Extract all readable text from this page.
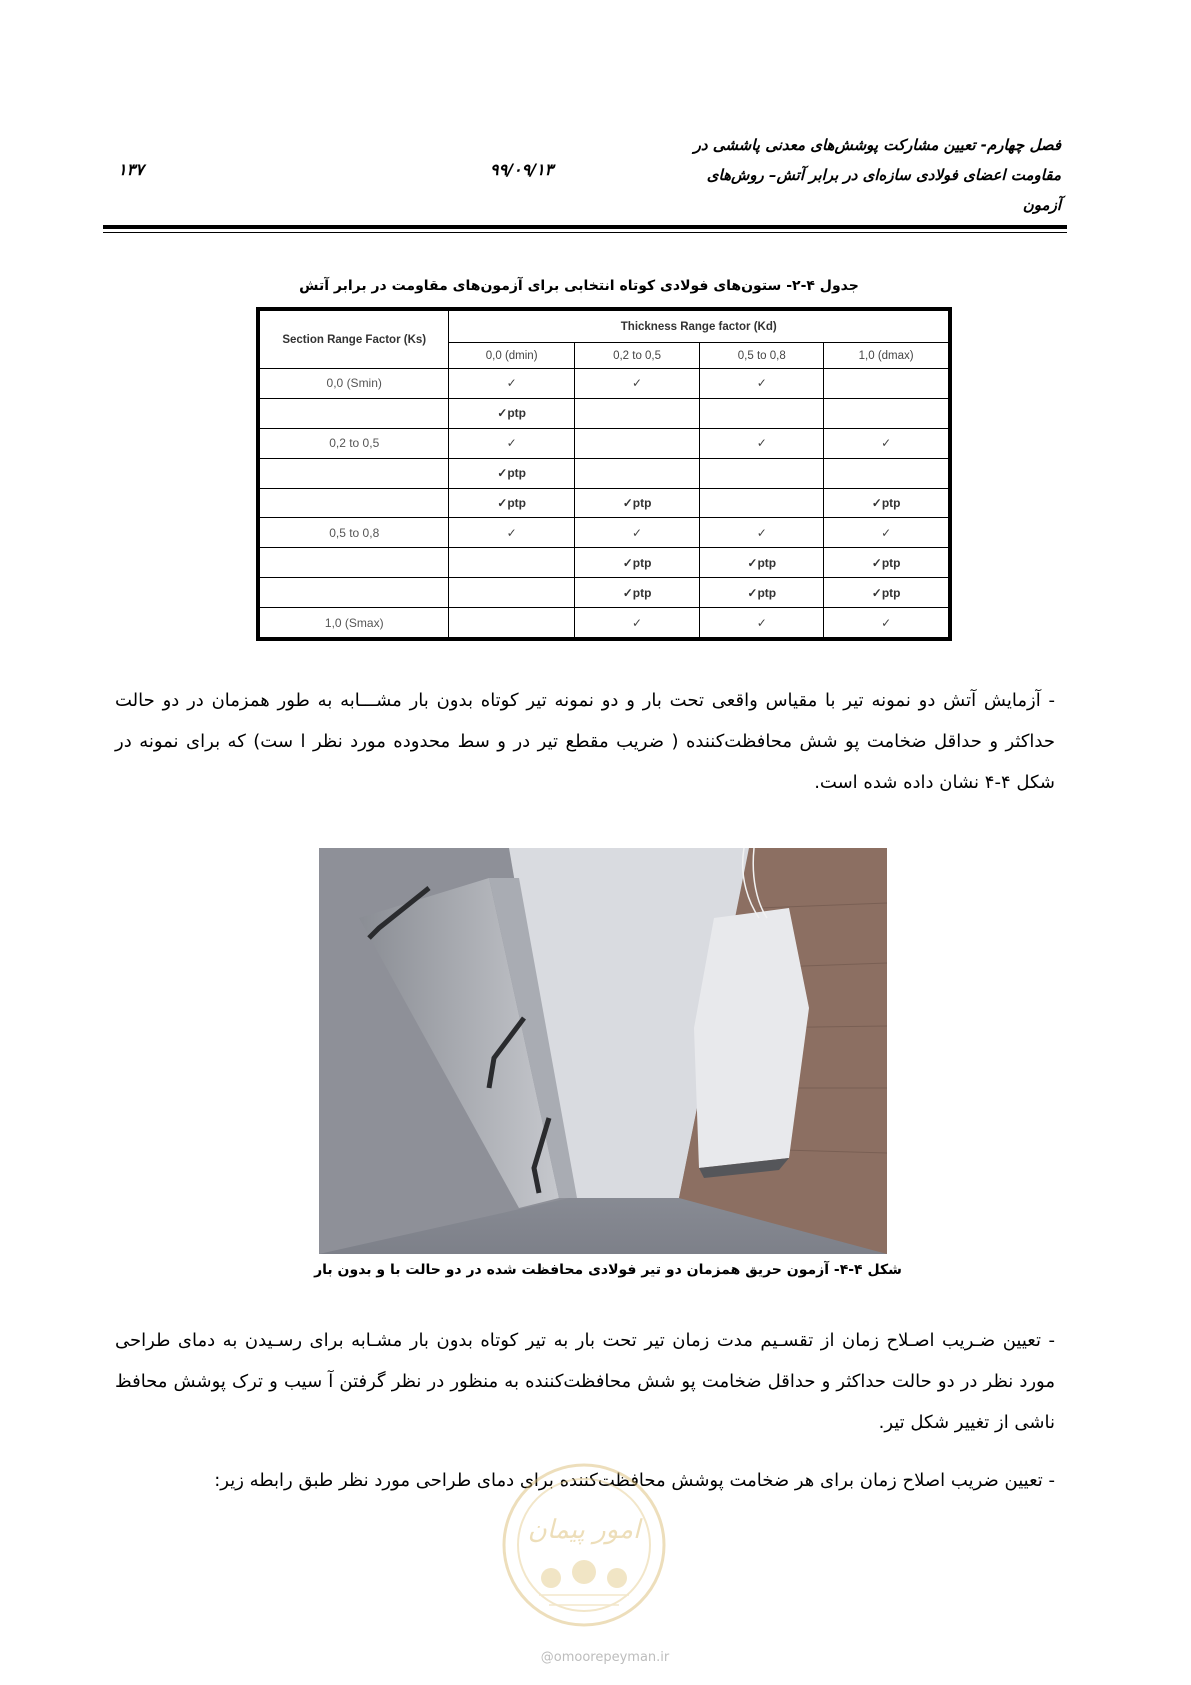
فصل چهارم- تعیین مشارکت پوشش‌های معدنی پاششی در
مقاومت اعضای فولادی سازه‌ای در برابر آتش– روش‌های
آزمون
۹۹/۰۹/۱۳
۱۳۷
جدول ۴-۲- ستون‌های فولادی کوتاه انتخابی برای آزمون‌های مقاومت در برابر آتش
Section Range Factor (Ks)	Thickness Range factor (Kd)			
	0,0 (dmin)	0,2 to 0,5	0,5 to 0,8	1,0 (dmax)
0,0 (Smin)	✓	✓	✓	
	✓ptp			
0,2 to 0,5	✓		✓	✓
	✓ptp			
	✓ptp	✓ptp		✓ptp
0,5 to 0,8	✓	✓	✓	✓
		✓ptp	✓ptp	✓ptp
		✓ptp	✓ptp	✓ptp
1,0 (Smax)		✓	✓	✓
- آزمایش آتش دو نمونه تیر با مقیاس واقعی تحت بار و دو نمونه تیر کوتاه بدون بار مشـــابه به طور همزمان در دو حالت حداکثر و حداقل ضخامت پو شش محافظت‌کننده ( ضریب مقطع تیر در و سط محدوده مورد نظر ا ست) که برای نمونه در شکل ۴-۴ نشان داده شده است.
شکل ۴-۴- آزمون حریق همزمان دو تیر فولادی محافظت شده در دو حالت با و بدون بار
- تعیین ضـریب اصـلاح زمان از تقسـیم مدت زمان تیر تحت بار به تیر کوتاه بدون بار مشـابه برای رسـیدن به دمای طراحی مورد نظر در دو حالت حداکثر و حداقل ضخامت پو شش محافظت‌کننده به منظور در نظر گرفتن آ سیب و ترک پوشش محافظ ناشی از تغییر شکل تیر.
- تعیین ضریب اصلاح زمان برای هر ضخامت پوشش محافظت‌کننده برای دمای طراحی مورد نظر طبق رابطه زیر:
امور پیمان
@omoorepeyman.ir
